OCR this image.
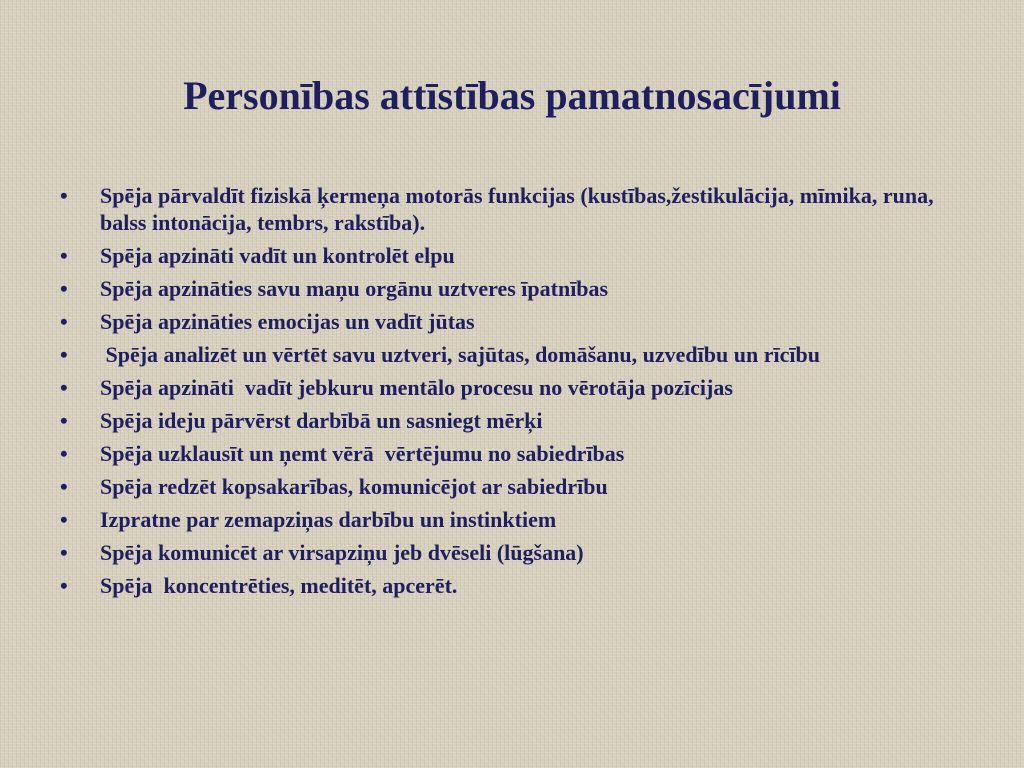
Personības attīstības pamatnosacījumi
• Spēja pārvaldīt fiziskā ķermeņa motorās funkcijas (kustības,žestikulācija, mīmika, runa, balss intonācija, tembrs, rakstība).
• Spēja apzināti vadīt un kontrolēt elpu
• Spēja apzināties savu maņu orgānu uztveres īpatnības
• Spēja apzināties emocijas un vadīt jūtas
•  Spēja analizēt un vērtēt savu uztveri, sajūtas, domāšanu, uzvedību un rīcību
• Spēja apzināti  vadīt jebkuru mentālo procesu no vērotāja pozīcijas
• Spēja ideju pārvērst darbībā un sasniegt mērķi
• Spēja uzklausīt un ņemt vērā  vērtējumu no sabiedrības
• Spēja redzēt kopsakarības, komunicējot ar sabiedrību
• Izpratne par zemapziņas darbību un instinktiem
• Spēja komunicēt ar virsapziņu jeb dvēseli (lūgšana)
• Spēja  koncentrēties, meditēt, apcerēt.
